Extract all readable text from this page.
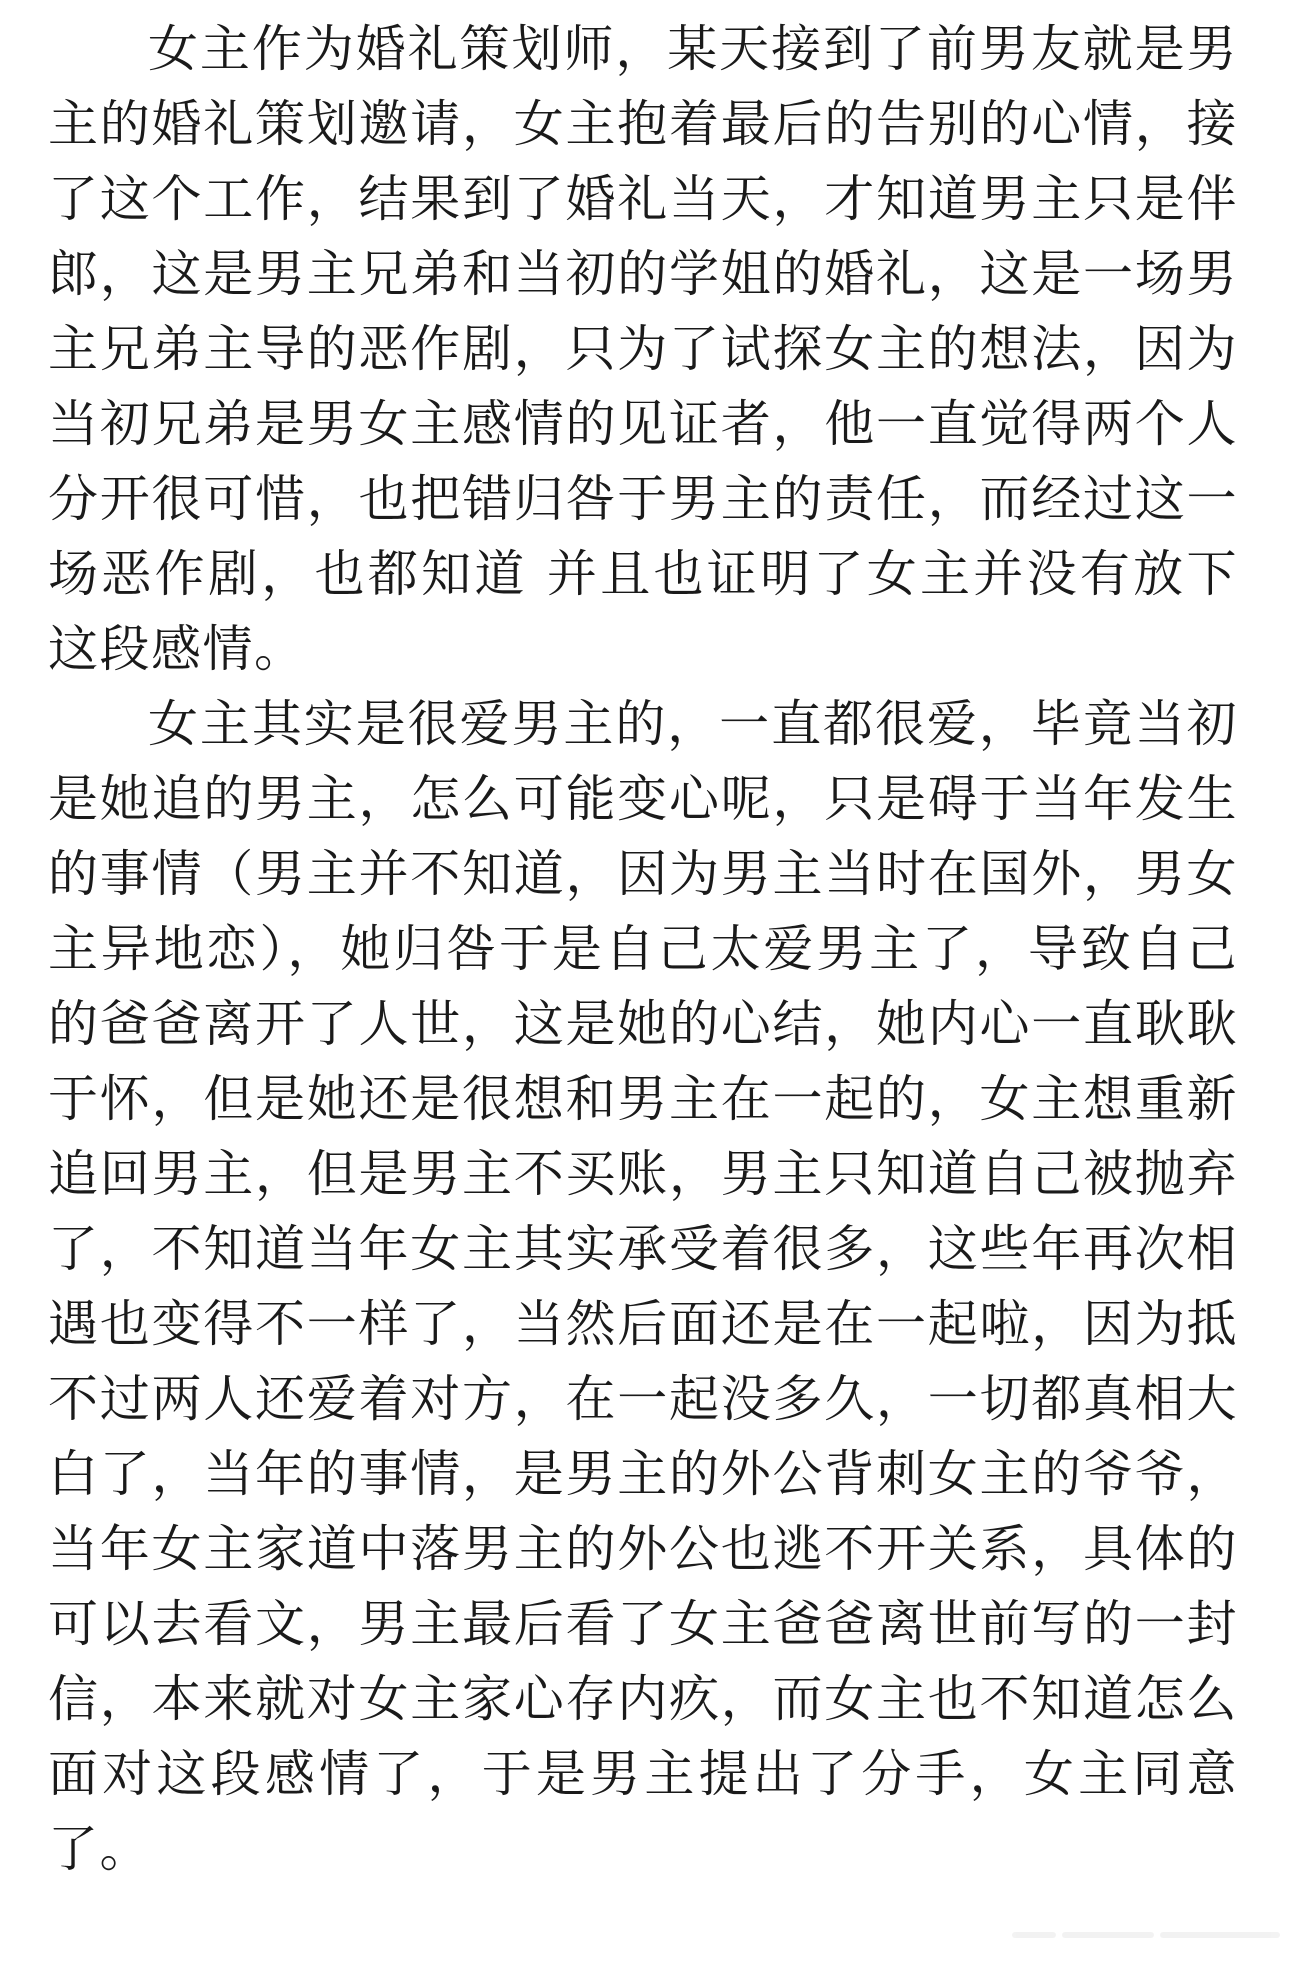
女主作为婚礼策划师，某天接到了前男友就是男主的婚礼策划邀请，女主抱着最后的告别的心情，接了这个工作，结果到了婚礼当天，才知道男主只是伴郎，这是男主兄弟和当初的学姐的婚礼，这是一场男主兄弟主导的恶作剧，只为了试探女主的想法，因为当初兄弟是男女主感情的见证者，他一直觉得两个人分开很可惜，也把错归咎于男主的责任，而经过这一场恶作剧，也都知道 并且也证明了女主并没有放下这段感情。

女主其实是很爱男主的，一直都很爱，毕竟当初是她追的男主，怎么可能变心呢，只是碍于当年发生的事情（男主并不知道，因为男主当时在国外，男女主异地恋），她归咎于是自己太爱男主了，导致自己的爸爸离开了人世，这是她的心结，她内心一直耿耿于怀，但是她还是很想和男主在一起的，女主想重新追回男主，但是男主不买账，男主只知道自己被抛弃了，不知道当年女主其实承受着很多，这些年再次相遇也变得不一样了，当然后面还是在一起啦，因为抵不过两人还爱着对方，在一起没多久，一切都真相大白了，当年的事情，是男主的外公背刺女主的爷爷，当年女主家道中落男主的外公也逃不开关系，具体的可以去看文，男主最后看了女主爸爸离世前写的一封信，本来就对女主家心存内疚，而女主也不知道怎么面对这段感情了，于是男主提出了分手，女主同意了。
